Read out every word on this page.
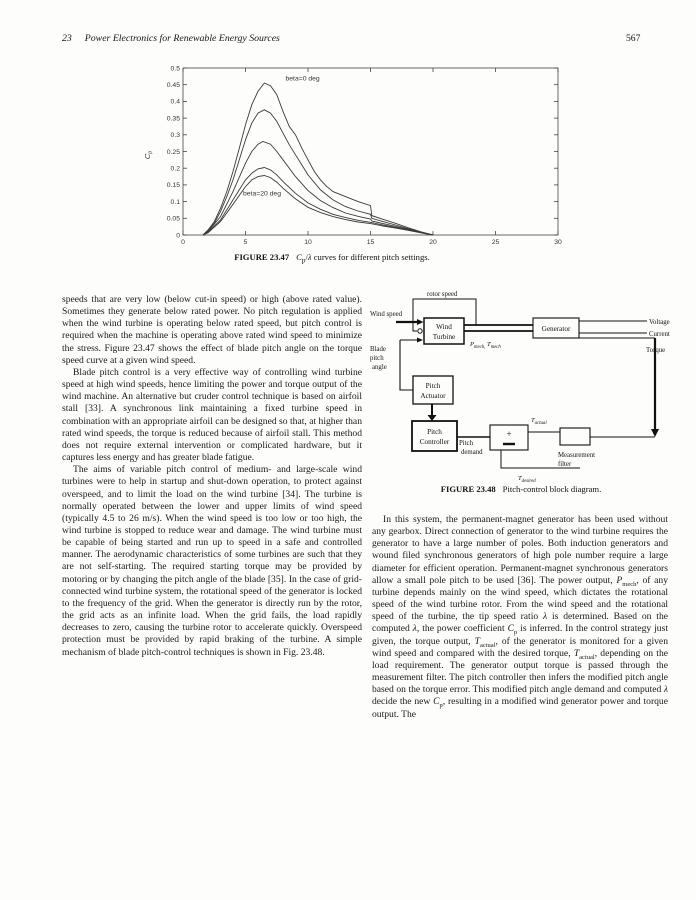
23 Power Electronics for Renewable Energy Sources	567
0	5	10	15	20	25	30
0
0.05
0.1
0.15
0.2
0.25
0.3
0.35
0.4
0.45
0.5
$C_p$
beta=0 deg
beta=20 deg
FIGURE 23.47 $C_p/\lambda$ curves for different pitch settings.

speeds that are very low (below cut-in speed) or high (above rated value). Sometimes they generate below rated power. No pitch regulation is applied when the wind turbine is operating below rated speed, but pitch control is required when the machine is operating above rated wind speed to minimize the stress. Figure 23.47 shows the effect of blade pitch angle on the torque speed curve at a given wind speed.

Blade pitch control is a very effective way of controlling wind turbine speed at high wind speeds, hence limiting the power and torque output of the wind machine. An alternative but cruder control technique is based on airfoil stall [33]. A synchronous link maintaining a fixed turbine speed in combination with an appropriate airfoil can be designed so that, at higher than rated wind speeds, the torque is reduced because of airfoil stall. This method does not require external intervention or complicated hardware, but it captures less energy and has greater blade fatigue.

The aims of variable pitch control of medium- and large-scale wind turbines were to help in startup and shut-down operation, to protect against overspeed, and to limit the load on the wind turbine [34]. The turbine is normally operated between the lower and upper limits of wind speed (typically 4.5 to 26 m/s). When the wind speed is too low or too high, the wind turbine is stopped to reduce wear and damage. The wind turbine must be capable of being started and run up to speed in a safe and controlled manner. The aerodynamic characteristics of some turbines are such that they are not self-starting. The required starting torque may be provided by motoring or by changing the pitch angle of the blade [35]. In the case of grid-connected wind turbine system, the rotational speed of the generator is locked to the frequency of the grid. When the generator is directly run by the rotor, the grid acts as an infinite load. When the grid fails, the load rapidly decreases to zero, causing the turbine rotor to accelerate quickly. Overspeed protection must be provided by rapid braking of the turbine. A simple mechanism of blade pitch-control techniques is shown in Fig. 23.48.

rotor speed
Wind speed
Blade
pitch
angle
Wind
Turbine
$P_{mech,}$ $T_{mech}$
Generator
Voltage
Current
Torque
Pitch
Actuator
Pitch
Controller Pitch
demand
+
$T_{actual}$
$T_{desired}$
Measurement
filter
FIGURE 23.48 Pitch-control block diagram.

In this system, the permanent-magnet generator has been used without any gearbox. Direct connection of generator to the wind turbine requires the generator to have a large number of poles. Both induction generators and wound filed synchronous generators of high pole number require a large diameter for efficient operation. Permanent-magnet synchronous generators allow a small pole pitch to be used [36]. The power output, $P_{mech}$, of any turbine depends mainly on the wind speed, which dictates the rotational speed of the wind turbine rotor. From the wind speed and the rotational speed of the turbine, the tip speed ratio λ is determined. Based on the computed λ, the power coefficient $C_p$ is inferred. In the control strategy just given, the torque output, $T_{actual}$, of the generator is monitored for a given wind speed and compared with the desired torque, $T_{actual}$, depending on the load requirement. The generator output torque is passed through the measurement filter. The pitch controller then infers the modified pitch angle based on the torque error. This modified pitch angle demand and computed λ decide the new $C_p$, resulting in a modified wind generator power and torque output. The
